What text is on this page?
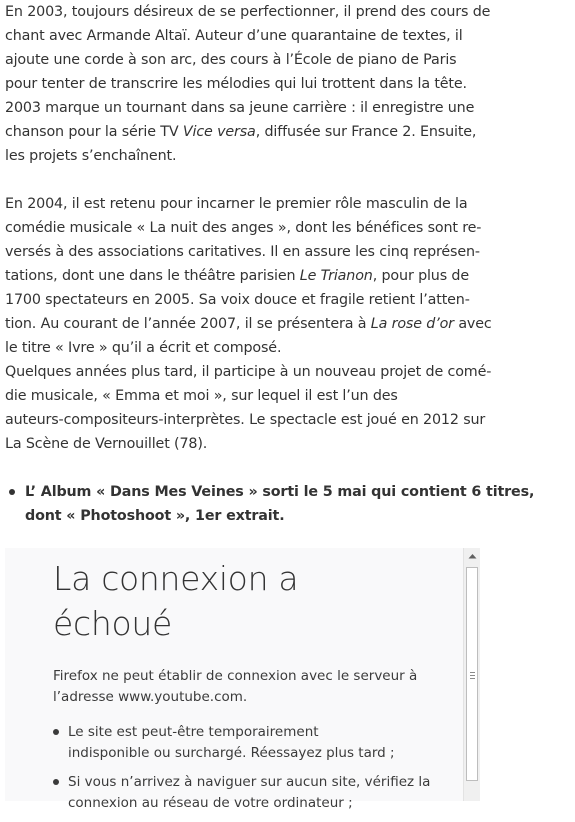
En 2003, toujours désireux de se perfectionner, il prend des cours de
chant avec Armande Altaï. Auteur d’une quarantaine de textes, il
ajoute une corde à son arc, des cours à l’École de piano de Paris
pour tenter de transcrire les mélodies qui lui trottent dans la tête.
2003 marque un tournant dans sa jeune carrière : il enregistre une
chanson pour la série TV Vice versa, diffusée sur France 2. Ensuite,
les projets s’enchaînent.

En 2004, il est retenu pour incarner le premier rôle masculin de la
comédie musicale « La nuit des anges », dont les bénéfices sont re-
versés à des associations caritatives. Il en assure les cinq représen-
tations, dont une dans le théâtre parisien Le Trianon, pour plus de
1700 spectateurs en 2005. Sa voix douce et fragile retient l’atten-
tion. Au courant de l’année 2007, il se présentera à La rose d’or avec
le titre « Ivre » qu’il a écrit et composé.
Quelques années plus tard, il participe à un nouveau projet de comé-
die musicale, « Emma et moi », sur lequel il est l’un des
auteurs-compositeurs-interprètes. Le spectacle est joué en 2012 sur
La Scène de Vernouillet (78).

L’ Album « Dans Mes Veines » sorti le 5 mai qui contient 6 titres,
dont « Photoshoot », 1er extrait.
La connexion a
échoué
Firefox ne peut établir de connexion avec le serveur à
l’adresse www.youtube.com.
Le site est peut-être temporairement
indisponible ou surchargé. Réessayez plus tard ;
Si vous n’arrivez à naviguer sur aucun site, vérifiez la
connexion au réseau de votre ordinateur ;
